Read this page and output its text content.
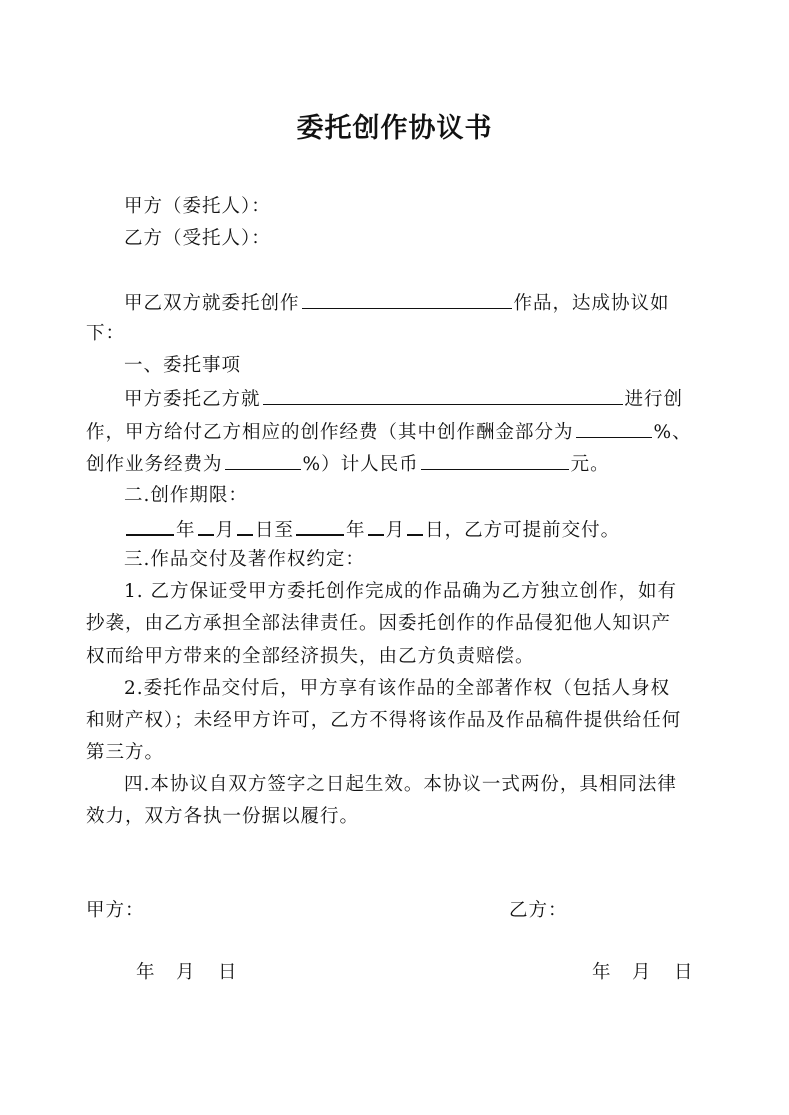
委托创作协议书
甲方（委托人）：
乙方（受托人）：
甲乙双方就委托创作	作品，达成协议如
下：
一、委托事项
甲方委托乙方就	进行创
作，甲方给付乙方相应的创作经费（其中创作酬金部分为	%、
创作业务经费为	%）计人民币	元。
二.创作期限：
年 月 日至	年 月 日，乙方可提前交付。
三.作品交付及著作权约定：
1. 乙方保证受甲方委托创作完成的作品确为乙方独立创作，如有
抄袭，由乙方承担全部法律责任。因委托创作的作品侵犯他人知识产
权而给甲方带来的全部经济损失，由乙方负责赔偿。
2.委托作品交付后，甲方享有该作品的全部著作权（包括人身权
和财产权）；未经甲方许可，乙方不得将该作品及作品稿件提供给任何
第三方。
四.本协议自双方签字之日起生效。本协议一式两份，具相同法律
效力，双方各执一份据以履行。
甲方：	乙方：
年 月 日	年 月 日
